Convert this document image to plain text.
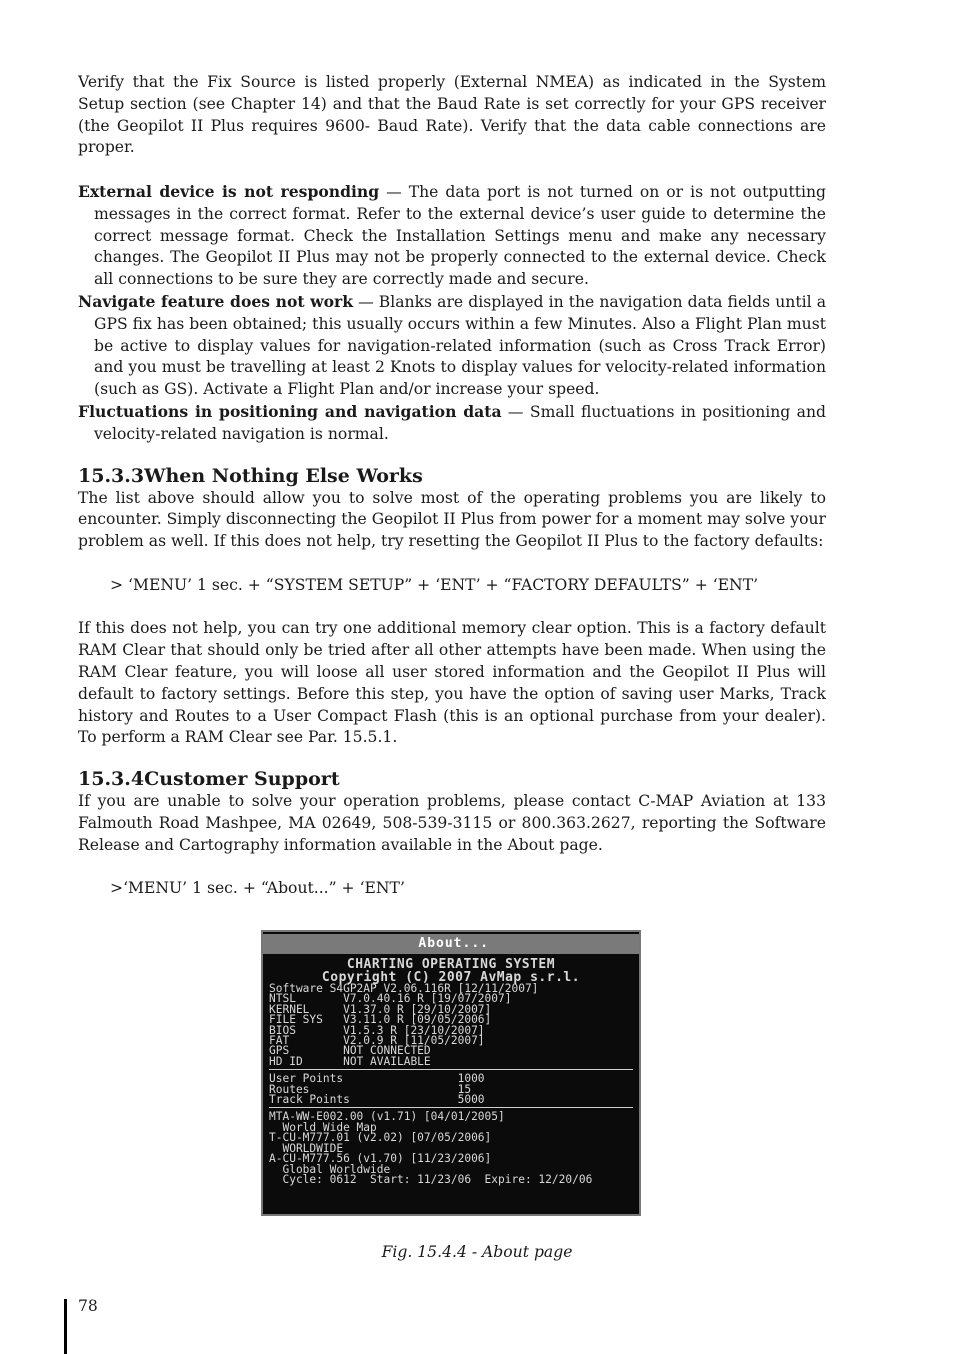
Verify that the Fix Source is listed properly (External NMEA) as indicated in the System Setup section (see Chapter 14) and that the Baud Rate is set correctly for your GPS receiver (the Geopilot II Plus requires 9600- Baud Rate). Verify that the data cable connections are proper.

External device is not responding — The data port is not turned on or is not outputting messages in the correct format. Refer to the external device’s user guide to determine the correct message format. Check the Installation Settings menu and make any necessary changes. The Geopilot II Plus may not be properly connected to the external device. Check all connections to be sure they are correctly made and secure.

Navigate feature does not work — Blanks are displayed in the navigation data fields until a GPS fix has been obtained; this usually occurs within a few Minutes. Also a Flight Plan must be active to display values for navigation-related information (such as Cross Track Error) and you must be travelling at least 2 Knots to display values for velocity-related information (such as GS). Activate a Flight Plan and/or increase your speed.

Fluctuations in positioning and navigation data — Small fluctuations in positioning and velocity-related navigation is normal.

15.3.3When Nothing Else Works

The list above should allow you to solve most of the operating problems you are likely to encounter. Simply disconnecting the Geopilot II Plus from power for a moment may solve your problem as well. If this does not help, try resetting the Geopilot II Plus to the factory defaults:

> ‘MENU’ 1 sec. + “SYSTEM SETUP” + ‘ENT’ + “FACTORY DEFAULTS” + ‘ENT’

If this does not help, you can try one additional memory clear option. This is a factory default RAM Clear that should only be tried after all other attempts have been made. When using the RAM Clear feature, you will loose all user stored information and the Geopilot II Plus will default to factory settings. Before this step, you have the option of saving user Marks, Track history and Routes to a User Compact Flash (this is an optional purchase from your dealer). To perform a RAM Clear see Par. 15.5.1.

15.3.4Customer Support

If you are unable to solve your operation problems, please contact C-MAP Aviation at 133 Falmouth Road Mashpee, MA 02649, 508-539-3115 or 800.363.2627, reporting the Software Release and Cartography information available in the About page.

>‘MENU’ 1 sec. + “About...” + ‘ENT’

About...
CHARTING OPERATING SYSTEM
Copyright (C) 2007 AvMap s.r.l.
Software S4GP2AP V2.06.116R [12/11/2007]
NTSL       V7.0.40.16 R [19/07/2007]
KERNEL     V1.37.0 R [29/10/2007]
FILE SYS   V3.11.0 R [09/05/2006]
BIOS       V1.5.3 R [23/10/2007]
FAT        V2.0.9 R [11/05/2007]
GPS        NOT CONNECTED
HD ID      NOT AVAILABLE
User Points                 1000
Routes                      15
Track Points                5000
MTA-WW-E002.00 (v1.71) [04/01/2005]
World Wide Map
T-CU-M777.01 (v2.02) [07/05/2006]
WORLDWIDE
A-CU-M777.56 (v1.70) [11/23/2006]
Global Worldwide
Cycle: 0612  Start: 11/23/06  Expire: 12/20/06
Fig. 15.4.4 - About page
78
